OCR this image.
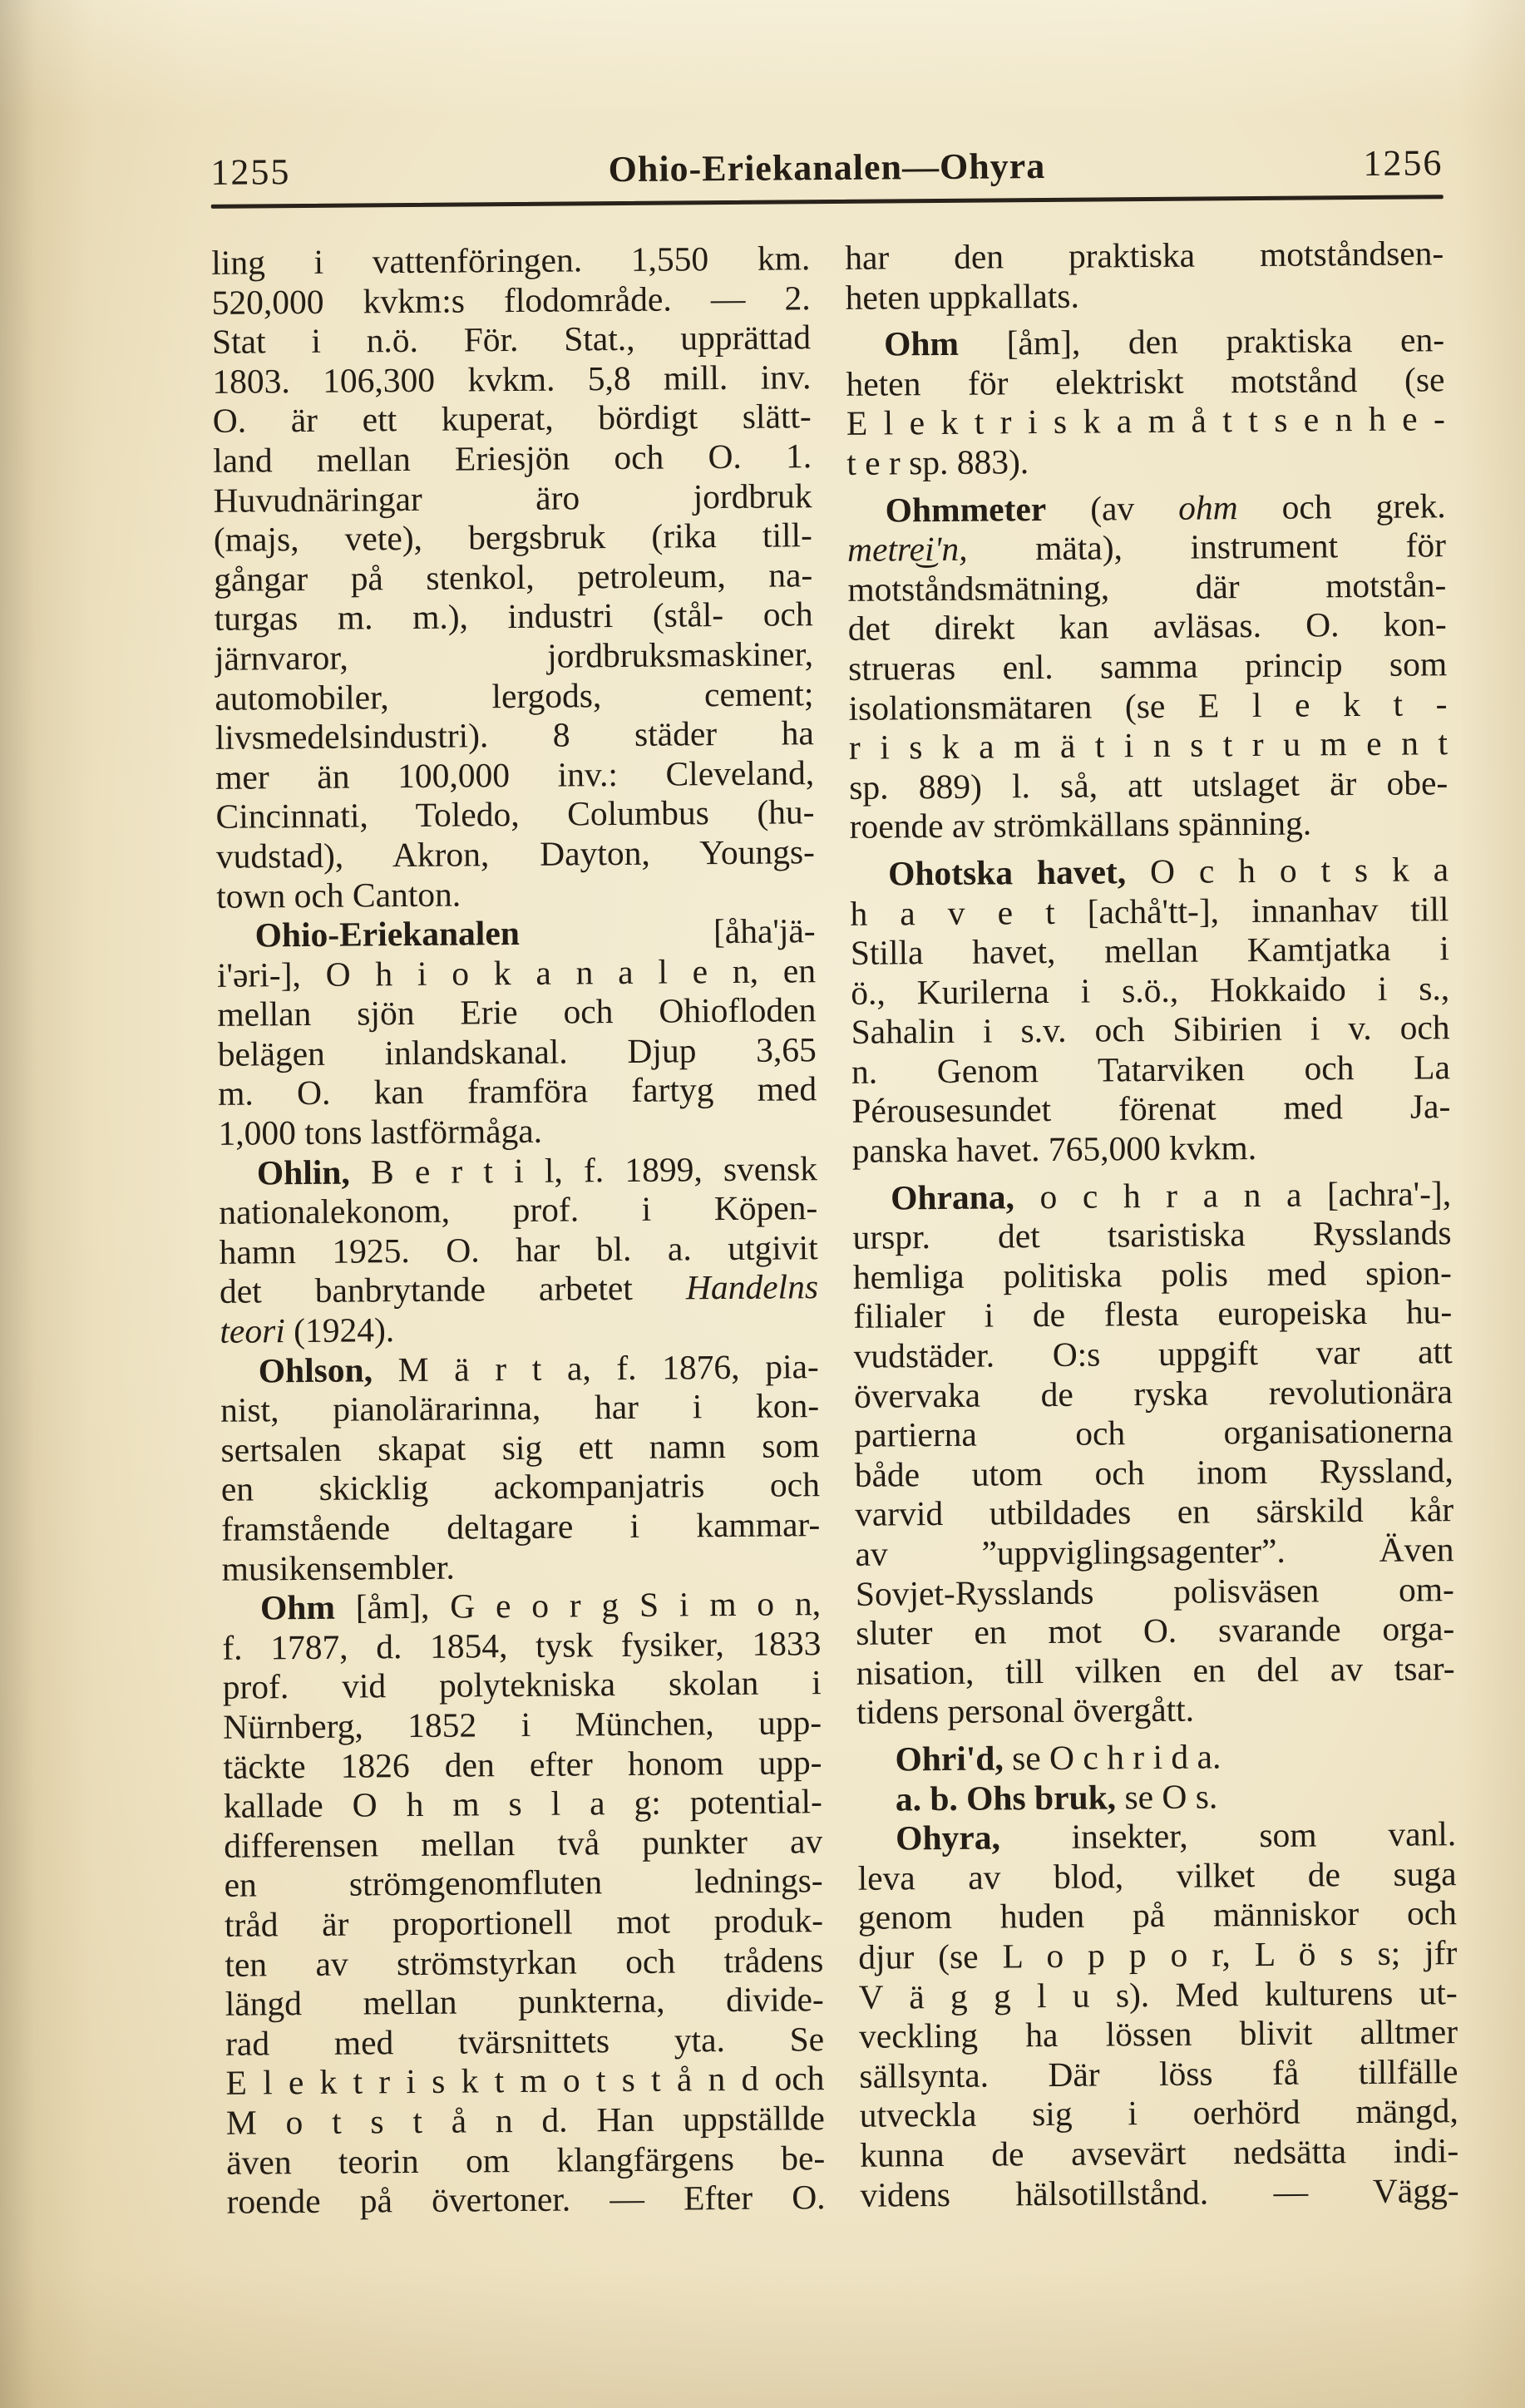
1255	Ohio-Eriekanalen—Ohyra	1256
ling i vattenföringen. 1,550 km.
520,000 kvkm:s flodområde. — 2.
Stat i n.ö. För. Stat., upprättad
1803. 106,300 kvkm. 5,8 mill. inv.
O. är ett kuperat, bördigt slätt-
land mellan Eriesjön och O. 1.
Huvudnäringar äro jordbruk
(majs, vete), bergsbruk (rika till-
gångar på stenkol, petroleum, na-
turgas m. m.), industri (stål- och
järnvaror, jordbruksmaskiner,
automobiler, lergods, cement;
livsmedelsindustri). 8 städer ha
mer än 100,000 inv.: Cleveland,
Cincinnati, Toledo, Columbus (hu-
vudstad), Akron, Dayton, Youngs-
town och Canton.
Ohio-Eriekanalen [åha'jä-
i'əri-], O h i o k a n a l e n, en
mellan sjön Erie och Ohiofloden
belägen inlandskanal. Djup 3,65
m. O. kan framföra fartyg med
1,000 tons lastförmåga.
Ohlin, B e r t i l, f. 1899, svensk
nationalekonom, prof. i Köpen-
hamn 1925. O. har bl. a. utgivit
det banbrytande arbetet Handelns
teori (1924).
Ohlson, M ä r t a, f. 1876, pia-
nist, pianolärarinna, har i kon-
sertsalen skapat sig ett namn som
en skicklig ackompanjatris och
framstående deltagare i kammar-
musikensembler.
Ohm [åm], G e o r g S i m o n,
f. 1787, d. 1854, tysk fysiker, 1833
prof. vid polytekniska skolan i
Nürnberg, 1852 i München, upp-
täckte 1826 den efter honom upp-
kallade O h m s l a g: potential-
differensen mellan två punkter av
en strömgenomfluten lednings-
tråd är proportionell mot produk-
ten av strömstyrkan och trådens
längd mellan punkterna, divide-
rad med tvärsnittets yta. Se
E l e k t r i s k t m o t s t å n d och
M o t s t å n d. Han uppställde
även teorin om klangfärgens be-
roende på övertoner. — Efter O.
har den praktiska motståndsen-
heten uppkallats.
Ohm [åm], den praktiska en-
heten för elektriskt motstånd (se
E l e k t r i s k a m å t t s e n h e -
t e r sp. 883).
Ohmmeter (av ohm och grek.
metre͜i'n, mäta), instrument för
motståndsmätning, där motstån-
det direkt kan avläsas. O. kon-
strueras enl. samma princip som
isolationsmätaren (se E l e k t -
r i s k a m ä t i n s t r u m e n t
sp. 889) l. så, att utslaget är obe-
roende av strömkällans spänning.
Ohotska havet, O c h o t s k a
h a v e t [achå'tt-], innanhav till
Stilla havet, mellan Kamtjatka i
ö., Kurilerna i s.ö., Hokkaido i s.,
Sahalin i s.v. och Sibirien i v. och
n. Genom Tatarviken och La
Pérousesundet förenat med Ja-
panska havet. 765,000 kvkm.
Ohrana, o c h r a n a [achra'-],
urspr. det tsaristiska Rysslands
hemliga politiska polis med spion-
filialer i de flesta europeiska hu-
vudstäder. O:s uppgift var att
övervaka de ryska revolutionära
partierna och organisationerna
både utom och inom Ryssland,
varvid utbildades en särskild kår
av ”uppviglingsagenter”. Även
Sovjet-Rysslands polisväsen om-
sluter en mot O. svarande orga-
nisation, till vilken en del av tsar-
tidens personal övergått.
Ohri'd, se O c h r i d a.
a. b. Ohs bruk, se O s.
Ohyra, insekter, som vanl.
leva av blod, vilket de suga
genom huden på människor och
djur (se L o p p o r, L ö s s; jfr
V ä g g l u s). Med kulturens ut-
veckling ha lössen blivit alltmer
sällsynta. Där löss få tillfälle
utveckla sig i oerhörd mängd,
kunna de avsevärt nedsätta indi-
videns hälsotillstånd. — Vägg-
